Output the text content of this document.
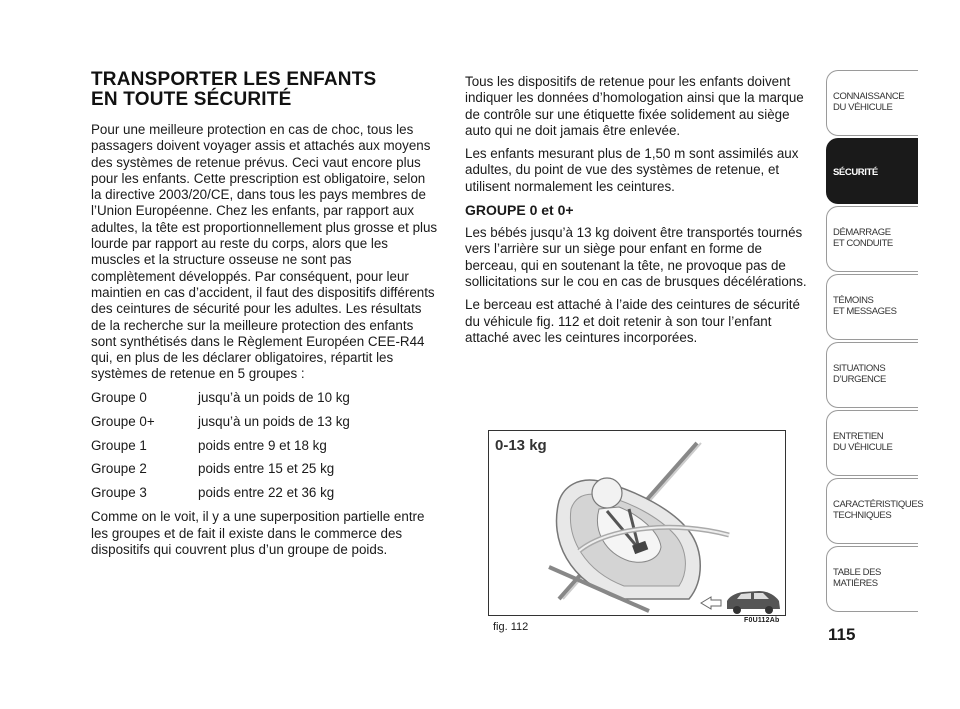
TRANSPORTER LES ENFANTS
EN TOUTE SÉCURITÉ

Pour une meilleure protection en cas de choc, tous les passagers doivent voyager assis et attachés aux moyens des systèmes de retenue prévus. Ceci vaut encore plus pour les enfants. Cette prescription est obligatoire, selon la directive 2003/20/CE, dans tous les pays membres de l’Union Européenne. Chez les enfants, par rapport aux adultes, la tête est proportionnellement plus grosse et plus lourde par rapport au reste du corps, alors que les muscles et la structure osseuse ne sont pas complètement développés. Par conséquent, pour leur maintien en cas d’accident, il faut des dispositifs différents des ceintures de sécurité pour les adultes. Les résultats de la recherche sur la meilleure protection des enfants sont synthétisés dans le Règlement Européen CEE-R44 qui, en plus de les déclarer obligatoires, répartit les systèmes de retenue en 5 groupes :

Groupe 0	jusqu’à un poids de 10 kg
Groupe 0+	jusqu’à un poids de 13 kg
Groupe 1	poids entre 9 et 18 kg
Groupe 2	poids entre 15 et 25 kg
Groupe 3	poids entre 22 et 36 kg

Comme on le voit, il y a une superposition partielle entre les groupes et de fait il existe dans le commerce des dispositifs qui couvrent plus d’un groupe de poids.

Tous les dispositifs de retenue pour les enfants doivent indiquer les données d’homologation ainsi que la marque de contrôle sur une étiquette fixée solidement au siège auto qui ne doit jamais être enlevée.

Les enfants mesurant plus de 1,50 m sont assimilés aux adultes, du point de vue des systèmes de retenue, et utilisent normalement les ceintures.

GROUPE 0 et 0+

Les bébés jusqu’à 13 kg doivent être transportés tournés vers l’arrière sur un siège pour enfant en forme de berceau, qui en soutenant la tête, ne provoque pas de sollicitations sur le cou en cas de brusques décélérations.

Le berceau est attaché à l’aide des ceintures de sécurité du véhicule fig. 112 et doit retenir à son tour l’enfant attaché avec les ceintures incorporées.

0-13 kg
fig. 112
F0U112Ab
CONNAISSANCE
DU VÉHICULE
SÉCURITÉ
DÉMARRAGE
ET CONDUITE
TÉMOINS
ET MESSAGES
SITUATIONS
D’URGENCE
ENTRETIEN
DU VÉHICULE
CARACTÉRISTIQUES
TECHNIQUES
TABLE DES
MATIÈRES
115
